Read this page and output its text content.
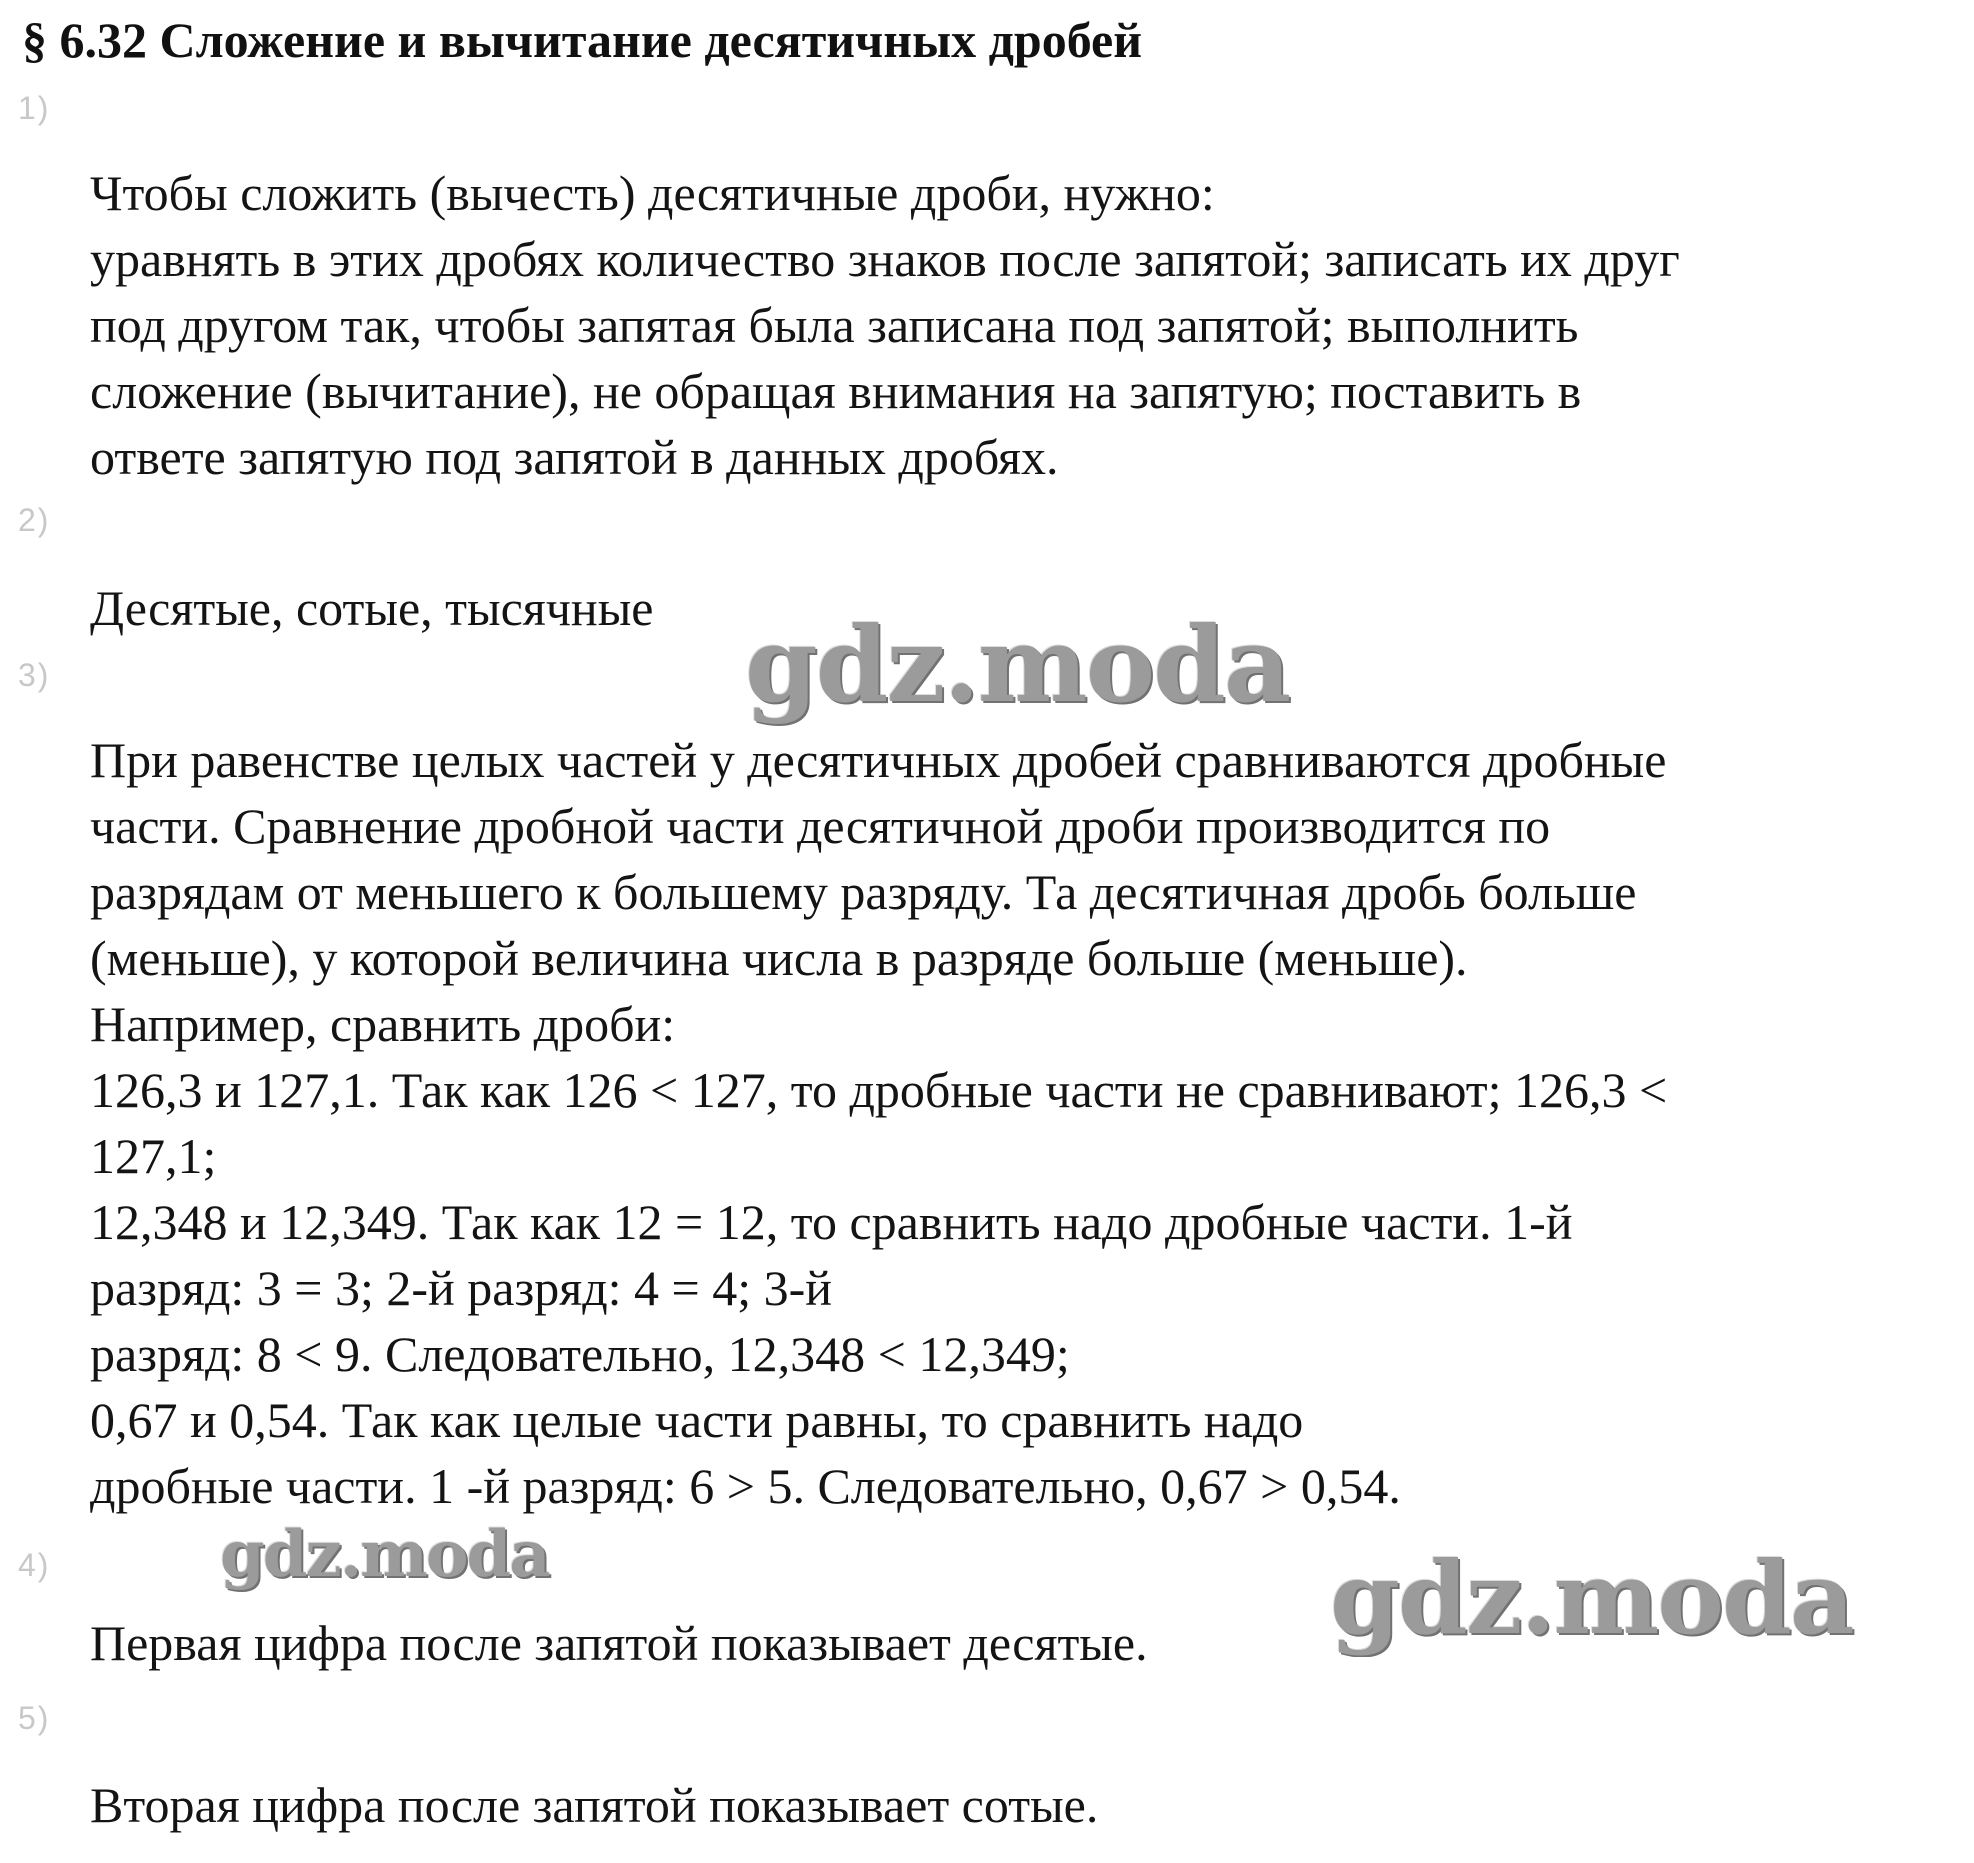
§ 6.32 Сложение и вычитание десятичных дробей
1)
Чтобы сложить (вычесть) десятичные дроби, нужно:
уравнять в этих дробях количество знаков после запятой; записать их друг
под другом так, чтобы запятая была записана под запятой; выполнить
сложение (вычитание), не обращая внимания на запятую; поставить в
ответе запятую под запятой в данных дробях.
2)
Десятые, сотые, тысячные
3)
При равенстве целых частей у десятичных дробей сравниваются дробные
части. Сравнение дробной части десятичной дроби производится по
разрядам от меньшего к большему разряду. Та десятичная дробь больше
(меньше), у которой величина числа в разряде больше (меньше).
Например, сравнить дроби:
126,3 и 127,1. Так как 126 < 127, то дробные части не сравнивают; 126,3 <
127,1;
12,348 и 12,349. Так как 12 = 12, то сравнить надо дробные части. 1-й
разряд: 3 = 3; 2-й разряд: 4 = 4; 3-й
разряд: 8 < 9. Следовательно, 12,348 < 12,349;
0,67 и 0,54. Так как целые части равны, то сравнить надо
дробные части. 1 -й разряд: 6 > 5. Следовательно, 0,67 > 0,54.
4)
Первая цифра после запятой показывает десятые.
5)
Вторая цифра после запятой показывает сотые.
gdz.moda
gdz.moda	gdz.moda
